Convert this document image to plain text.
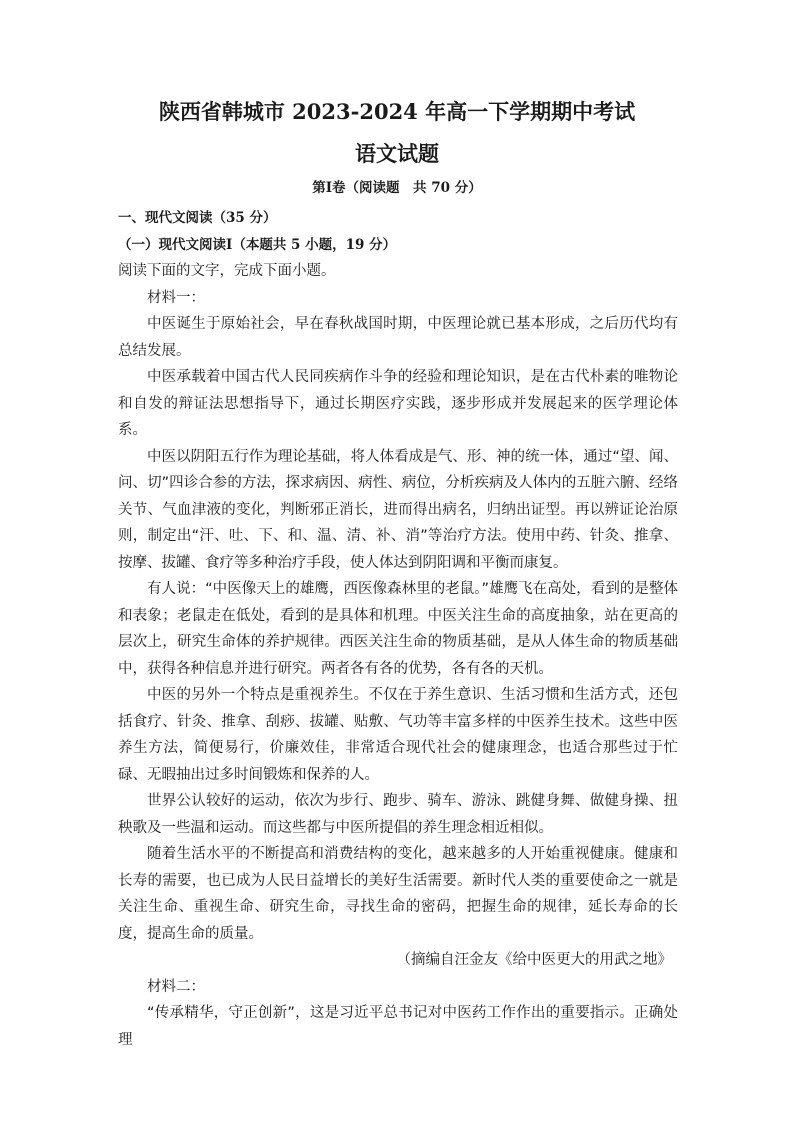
陕西省韩城市 2023-2024 年高一下学期期中考试
语文试题
第Ⅰ卷（阅读题　共 70 分）

一、现代文阅读（35 分）

（一）现代文阅读Ⅰ（本题共 5 小题，19 分）

阅读下面的文字，完成下面小题。

材料一：

中医诞生于原始社会，早在春秋战国时期，中医理论就已基本形成，之后历代均有总结发展。

中医承载着中国古代人民同疾病作斗争的经验和理论知识，是在古代朴素的唯物论和自发的辩证法思想指导下，通过长期医疗实践，逐步形成并发展起来的医学理论体系。

中医以阴阳五行作为理论基础，将人体看成是气、形、神的统一体，通过“望、闻、问、切”四诊合参的方法，探求病因、病性、病位，分析疾病及人体内的五脏六腑、经络关节、气血津液的变化，判断邪正消长，进而得出病名，归纳出证型。再以辨证论治原则，制定出“汗、吐、下、和、温、清、补、消”等治疗方法。使用中药、针灸、推拿、按摩、拔罐、食疗等多种治疗手段，使人体达到阴阳调和平衡而康复。

有人说：“中医像天上的雄鹰，西医像森林里的老鼠。”雄鹰飞在高处，看到的是整体和表象；老鼠走在低处，看到的是具体和机理。中医关注生命的高度抽象，站在更高的层次上，研究生命体的养护规律。西医关注生命的物质基础，是从人体生命的物质基础中，获得各种信息并进行研究。两者各有各的优势，各有各的天机。

中医的另外一个特点是重视养生。不仅在于养生意识、生活习惯和生活方式，还包括食疗、针灸、推拿、刮痧、拔罐、贴敷、气功等丰富多样的中医养生技术。这些中医养生方法，简便易行，价廉效佳，非常适合现代社会的健康理念，也适合那些过于忙碌、无暇抽出过多时间锻炼和保养的人。

世界公认较好的运动，依次为步行、跑步、骑车、游泳、跳健身舞、做健身操、扭秧歌及一些温和运动。而这些都与中医所提倡的养生理念相近相似。

随着生活水平的不断提高和消费结构的变化，越来越多的人开始重视健康。健康和长寿的需要，也已成为人民日益增长的美好生活需要。新时代人类的重要使命之一就是关注生命、重视生命、研究生命，寻找生命的密码，把握生命的规律，延长寿命的长度，提高生命的质量。

（摘编自汪金友《给中医更大的用武之地》

材料二：

“传承精华，守正创新”，这是习近平总书记对中医药工作作出的重要指示。正确处理
